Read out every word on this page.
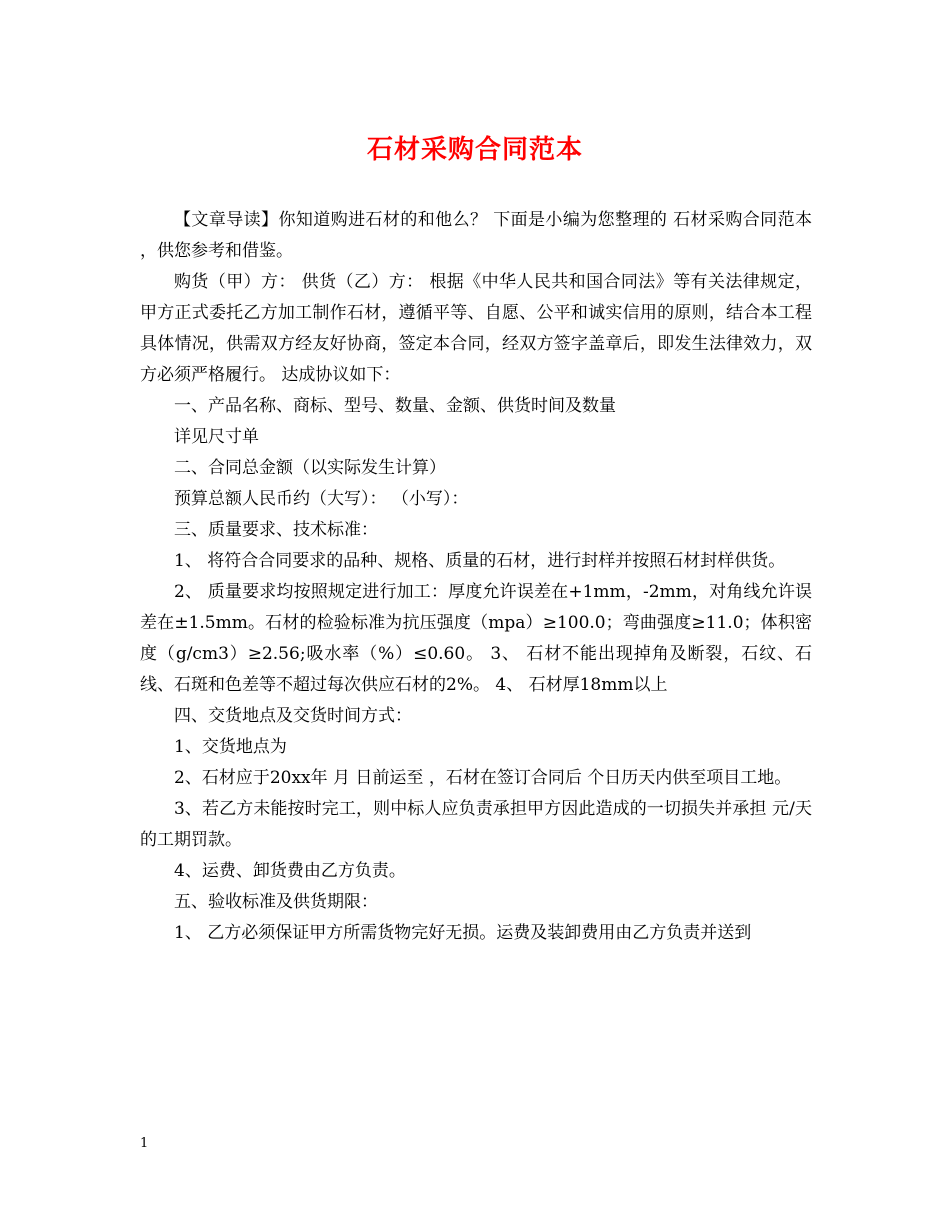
石材采购合同范本

【文章导读】你知道购进石材的和他么？ 下面是小编为您整理的 石材采购合同范本 ，供您参考和借鉴。

购货（甲）方： 供货（乙）方： 根据《中华人民共和国合同法》等有关法律规定，甲方正式委托乙方加工制作石材，遵循平等、自愿、公平和诚实信用的原则，结合本工程具体情况，供需双方经友好协商，签定本合同，经双方签字盖章后，即发生法律效力，双方必须严格履行。 达成协议如下：

一、产品名称、商标、型号、数量、金额、供货时间及数量

详见尺寸单

二、合同总金额（以实际发生计算）

预算总额人民币约（大写）： （小写）：

三、质量要求、技术标准：

1、 将符合合同要求的品种、规格、质量的石材，进行封样并按照石材封样供货。

2、 质量要求均按照规定进行加工：厚度允许误差在+1mm，-2mm，对角线允许误差在±1.5mm。石材的检验标准为抗压强度（mpa）≥100.0；弯曲强度≥11.0；体积密度（g/cm3）≥2.56;吸水率（%）≤0.60。 3、 石材不能出现掉角及断裂，石纹、石线、石斑和色差等不超过每次供应石材的2%。 4、 石材厚18mm以上

四、交货地点及交货时间方式：

1、交货地点为

2、石材应于20xx年 月 日前运至 ，石材在签订合同后 个日历天内供至项目工地。

3、若乙方未能按时完工，则中标人应负责承担甲方因此造成的一切损失并承担 元/天的工期罚款。

4、运费、卸货费由乙方负责。

五、验收标准及供货期限：

1、 乙方必须保证甲方所需货物完好无损。运费及装卸费用由乙方负责并送到

1
